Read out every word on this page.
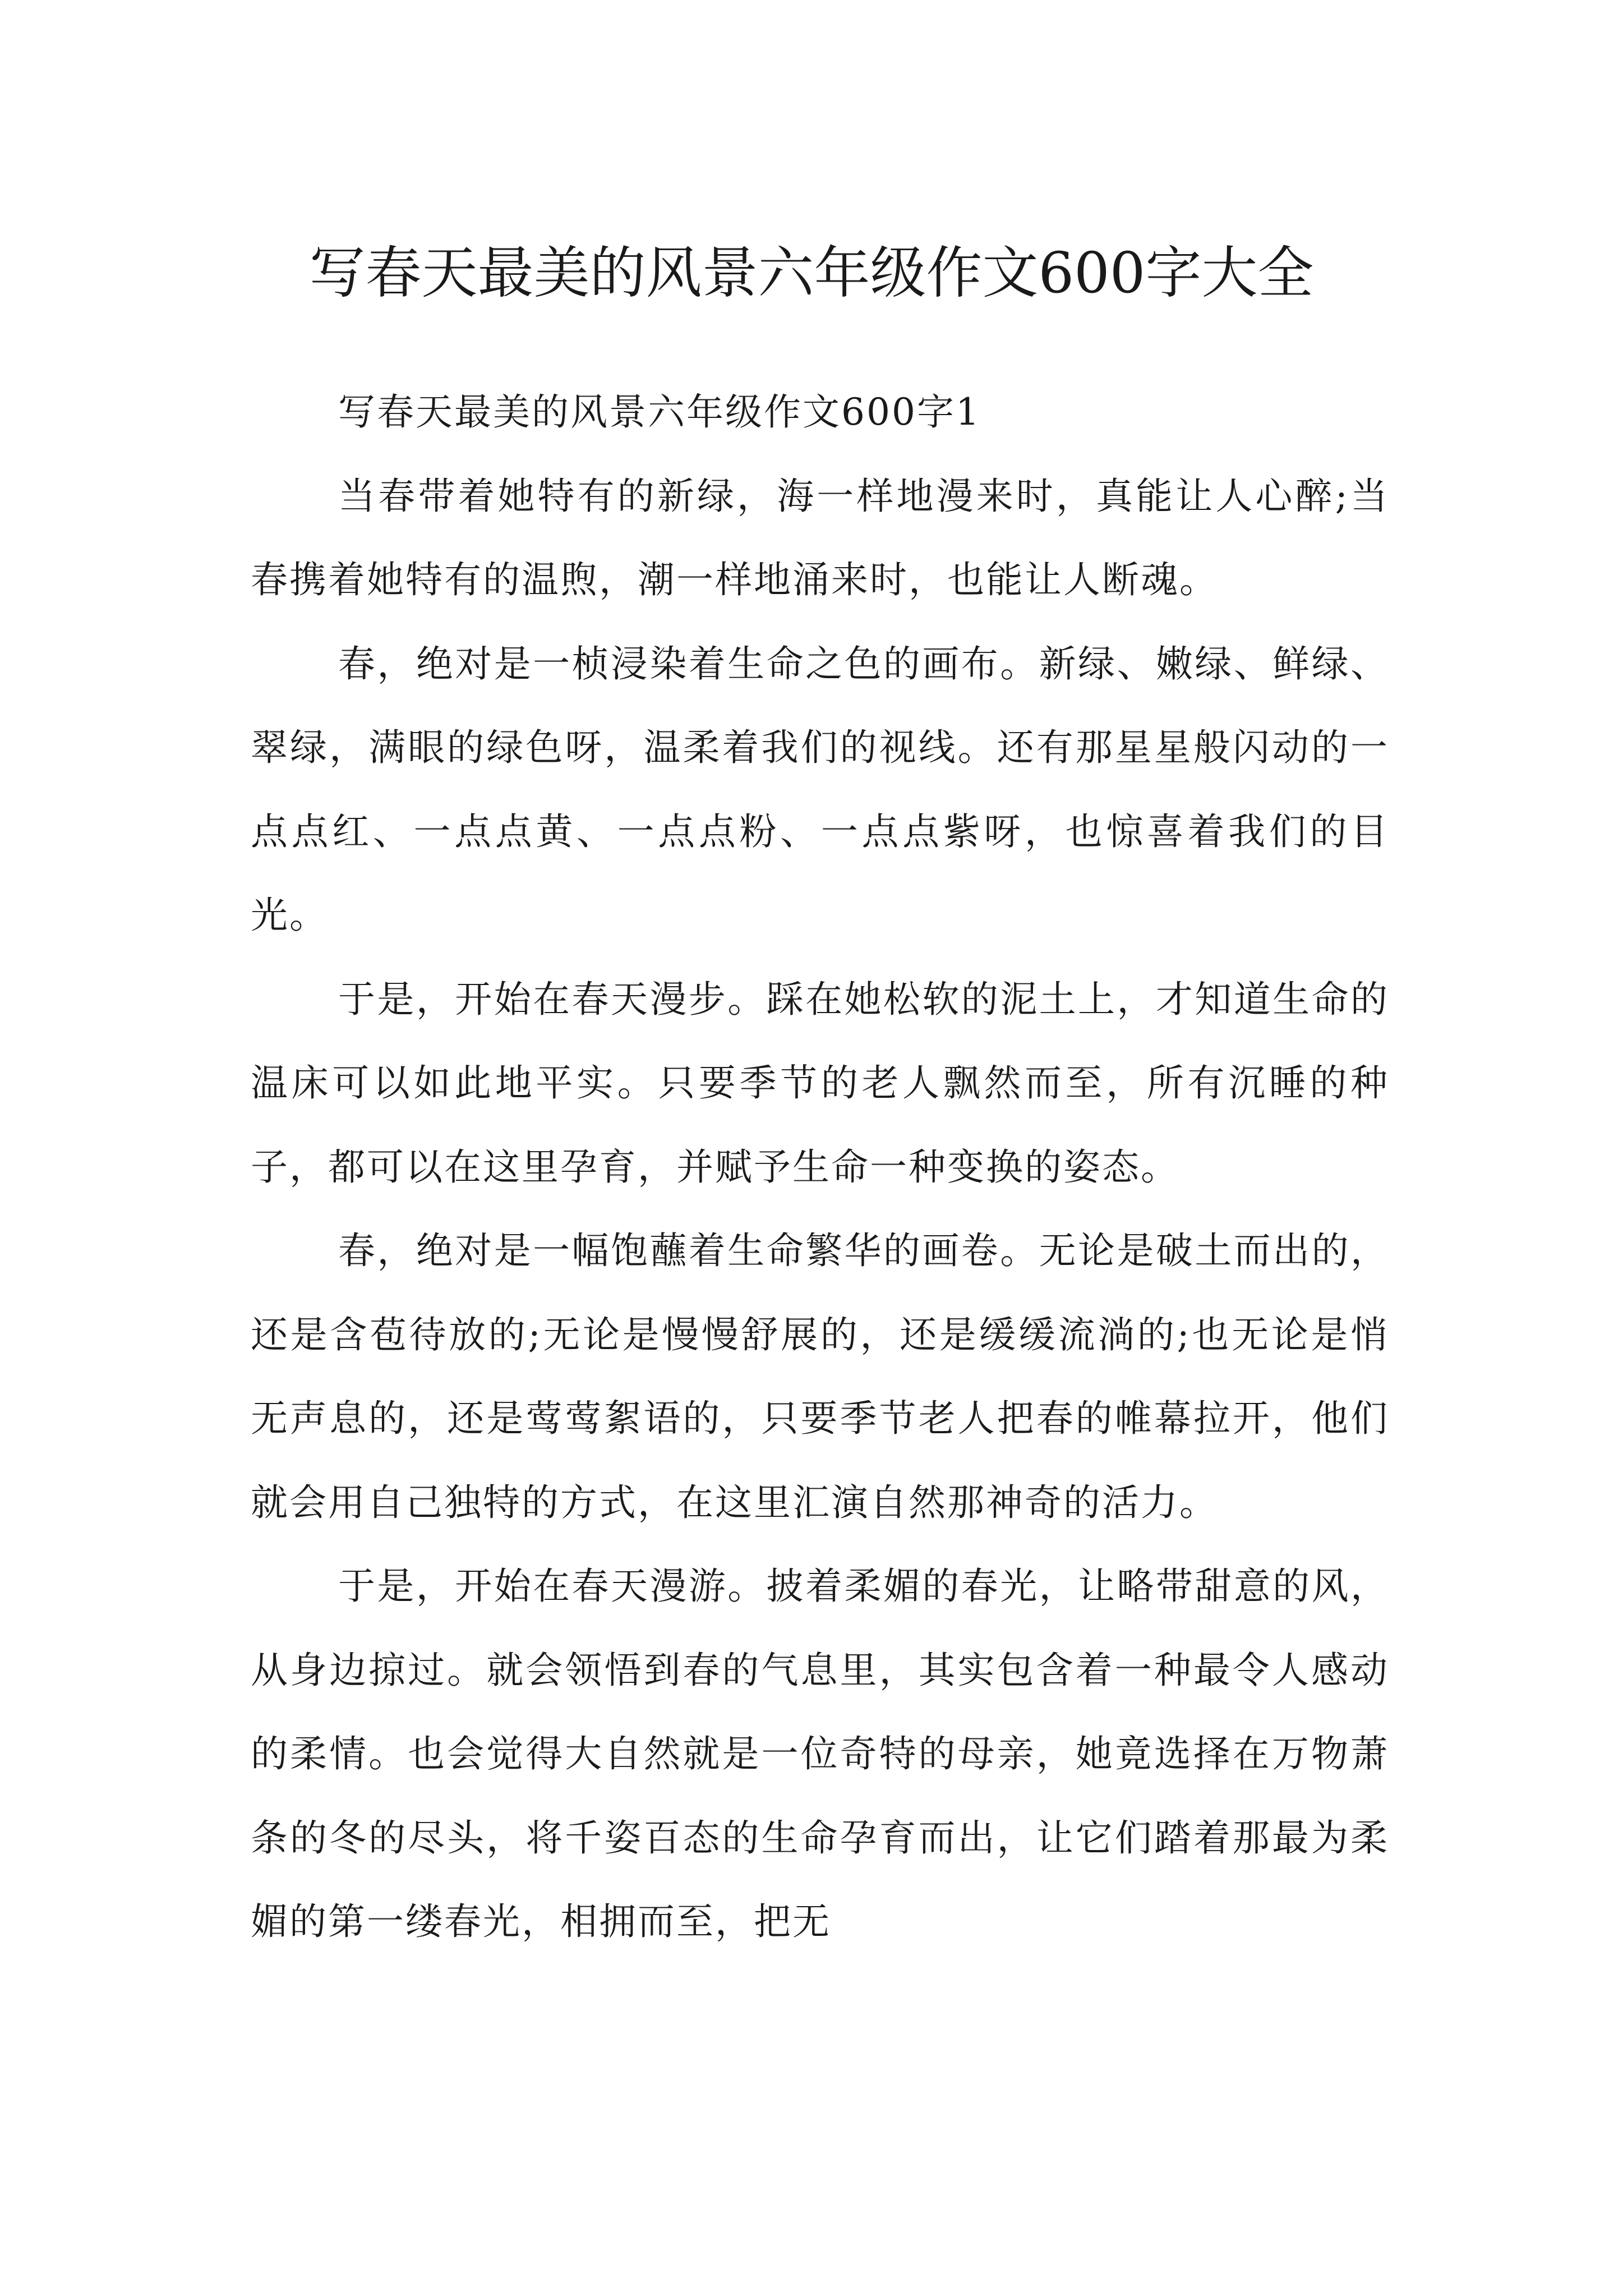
写春天最美的风景六年级作文600字大全

写春天最美的风景六年级作文600字1

当春带着她特有的新绿，海一样地漫来时，真能让人心醉;当春携着她特有的温煦，潮一样地涌来时，也能让人断魂。

春，绝对是一桢浸染着生命之色的画布。新绿、嫩绿、鲜绿、翠绿，满眼的绿色呀，温柔着我们的视线。还有那星星般闪动的一点点红、一点点黄、一点点粉、一点点紫呀，也惊喜着我们的目光。

于是，开始在春天漫步。踩在她松软的泥土上，才知道生命的温床可以如此地平实。只要季节的老人飘然而至，所有沉睡的种子，都可以在这里孕育，并赋予生命一种变换的姿态。

春，绝对是一幅饱蘸着生命繁华的画卷。无论是破土而出的，还是含苞待放的;无论是慢慢舒展的，还是缓缓流淌的;也无论是悄无声息的，还是莺莺絮语的，只要季节老人把春的帷幕拉开，他们就会用自己独特的方式，在这里汇演自然那神奇的活力。

于是，开始在春天漫游。披着柔媚的春光，让略带甜意的风，从身边掠过。就会领悟到春的气息里，其实包含着一种最令人感动的柔情。也会觉得大自然就是一位奇特的母亲，她竟选择在万物萧条的冬的尽头，将千姿百态的生命孕育而出，让它们踏着那最为柔媚的第一缕春光，相拥而至，把无
